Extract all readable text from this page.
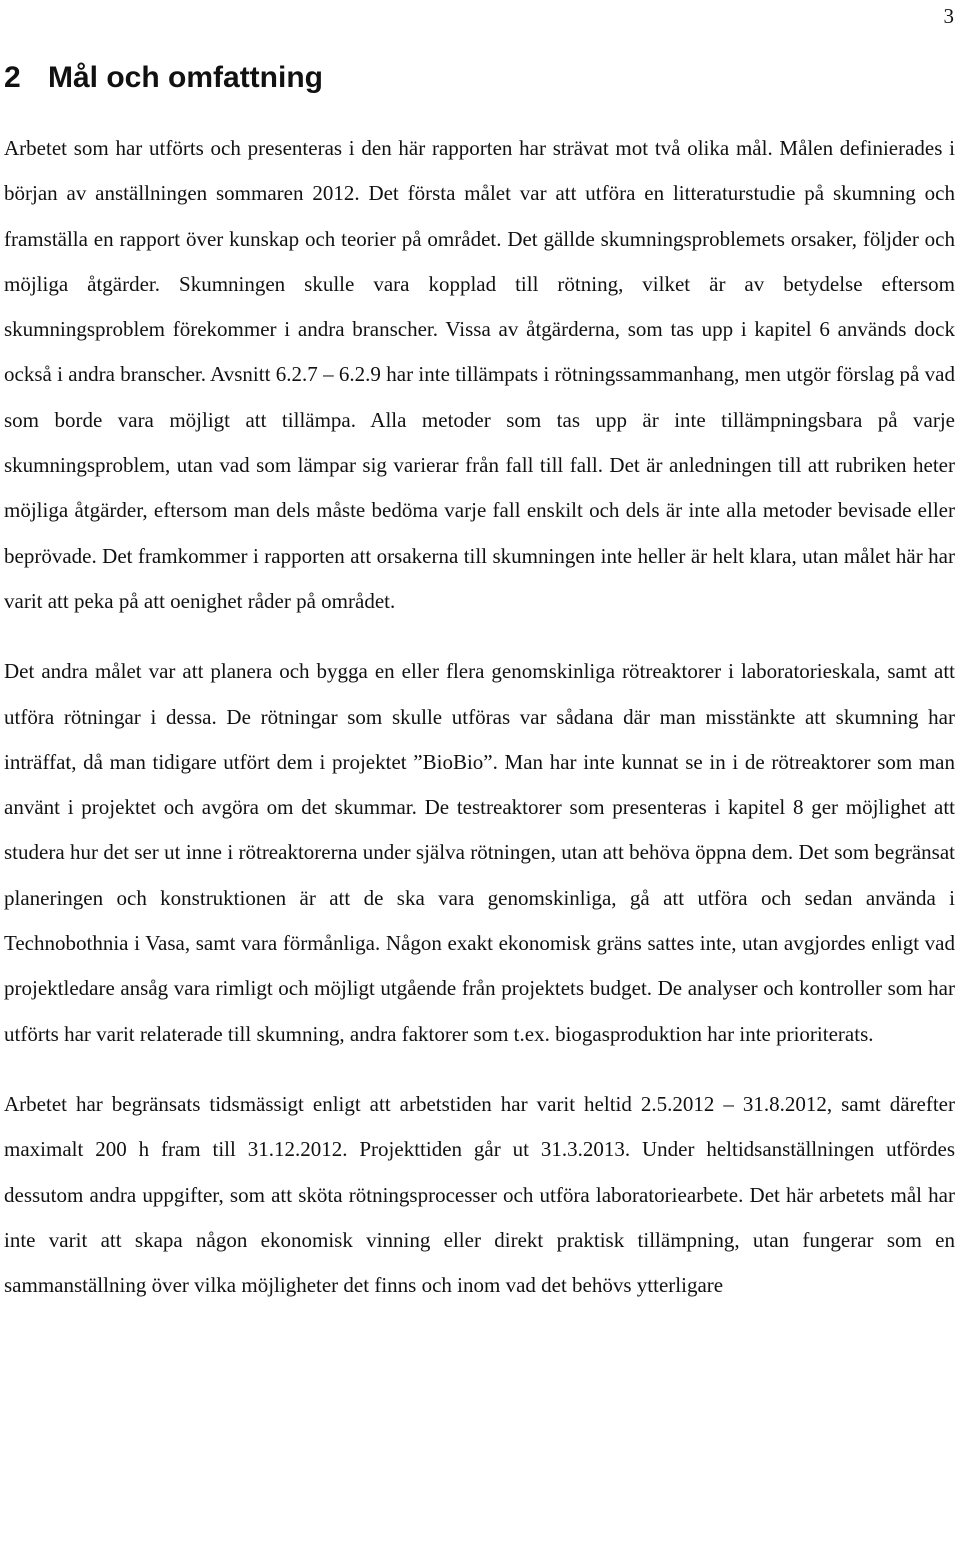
3
2 Mål och omfattning

Arbetet som har utförts och presenteras i den här rapporten har strävat mot två olika mål. Målen definierades i början av anställningen sommaren 2012. Det första målet var att utföra en litteraturstudie på skumning och framställa en rapport över kunskap och teorier på området. Det gällde skumningsproblemets orsaker, följder och möjliga åtgärder. Skumningen skulle vara kopplad till rötning, vilket är av betydelse eftersom skumningsproblem förekommer i andra branscher. Vissa av åtgärderna, som tas upp i kapitel 6 används dock också i andra branscher. Avsnitt 6.2.7 – 6.2.9 har inte tillämpats i rötningssammanhang, men utgör förslag på vad som borde vara möjligt att tillämpa. Alla metoder som tas upp är inte tillämpningsbara på varje skumningsproblem, utan vad som lämpar sig varierar från fall till fall. Det är anledningen till att rubriken heter möjliga åtgärder, eftersom man dels måste bedöma varje fall enskilt och dels är inte alla metoder bevisade eller beprövade. Det framkommer i rapporten att orsakerna till skumningen inte heller är helt klara, utan målet här har varit att peka på att oenighet råder på området.

Det andra målet var att planera och bygga en eller flera genomskinliga rötreaktorer i laboratorieskala, samt att utföra rötningar i dessa. De rötningar som skulle utföras var sådana där man misstänkte att skumning har inträffat, då man tidigare utfört dem i projektet ”BioBio”. Man har inte kunnat se in i de rötreaktorer som man använt i projektet och avgöra om det skummar. De testreaktorer som presenteras i kapitel 8 ger möjlighet att studera hur det ser ut inne i rötreaktorerna under själva rötningen, utan att behöva öppna dem. Det som begränsat planeringen och konstruktionen är att de ska vara genomskinliga, gå att utföra och sedan använda i Technobothnia i Vasa, samt vara förmånliga. Någon exakt ekonomisk gräns sattes inte, utan avgjordes enligt vad projektledare ansåg vara rimligt och möjligt utgående från projektets budget. De analyser och kontroller som har utförts har varit relaterade till skumning, andra faktorer som t.ex. biogasproduktion har inte prioriterats.

Arbetet har begränsats tidsmässigt enligt att arbetstiden har varit heltid 2.5.2012 – 31.8.2012, samt därefter maximalt 200 h fram till 31.12.2012. Projekttiden går ut 31.3.2013. Under heltidsanställningen utfördes dessutom andra uppgifter, som att sköta rötningsprocesser och utföra laboratoriearbete. Det här arbetets mål har inte varit att skapa någon ekonomisk vinning eller direkt praktisk tillämpning, utan fungerar som en sammanställning över vilka möjligheter det finns och inom vad det behövs ytterligare
